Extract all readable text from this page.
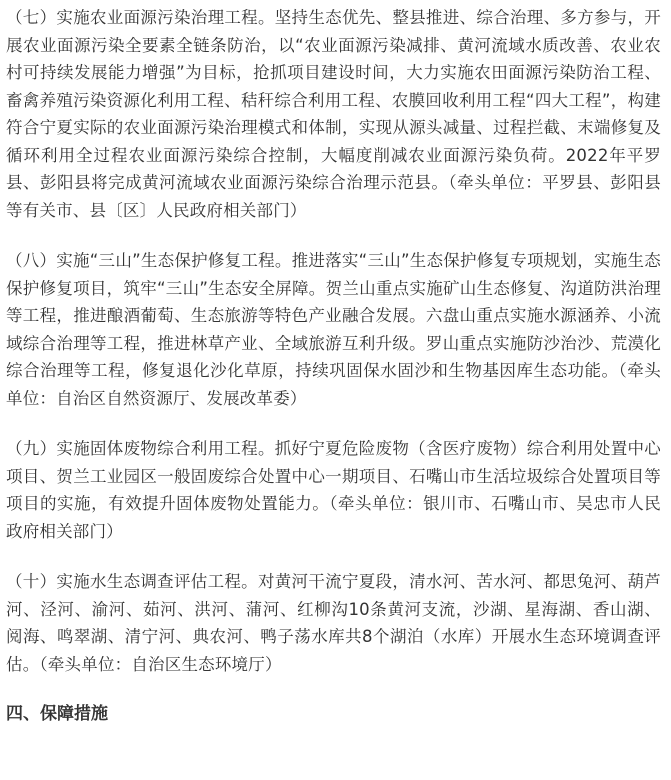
（七）实施农业面源污染治理工程。坚持生态优先、整县推进、综合治理、多方参与，开展农业面源污染全要素全链条防治，以“农业面源污染减排、黄河流域水质改善、农业农村可持续发展能力增强”为目标，抢抓项目建设时间，大力实施农田面源污染防治工程、畜禽养殖污染资源化利用工程、秸秆综合利用工程、农膜回收利用工程“四大工程”，构建符合宁夏实际的农业面源污染治理模式和体制，实现从源头减量、过程拦截、末端修复及循环利用全过程农业面源污染综合控制，大幅度削减农业面源污染负荷。2022年平罗县、彭阳县将完成黄河流域农业面源污染综合治理示范县。（牵头单位：平罗县、彭阳县等有关市、县〔区〕人民政府相关部门）

（八）实施“三山”生态保护修复工程。推进落实“三山”生态保护修复专项规划，实施生态保护修复项目，筑牢“三山”生态安全屏障。贺兰山重点实施矿山生态修复、沟道防洪治理等工程，推进酿酒葡萄、生态旅游等特色产业融合发展。六盘山重点实施水源涵养、小流域综合治理等工程，推进林草产业、全域旅游互利升级。罗山重点实施防沙治沙、荒漠化综合治理等工程，修复退化沙化草原，持续巩固保水固沙和生物基因库生态功能。（牵头单位：自治区自然资源厅、发展改革委）

（九）实施固体废物综合利用工程。抓好宁夏危险废物（含医疗废物）综合利用处置中心项目、贺兰工业园区一般固废综合处置中心一期项目、石嘴山市生活垃圾综合处置项目等项目的实施，有效提升固体废物处置能力。（牵头单位：银川市、石嘴山市、吴忠市人民政府相关部门）

（十）实施水生态调查评估工程。对黄河干流宁夏段，清水河、苦水河、都思兔河、葫芦河、泾河、渝河、茹河、洪河、蒲河、红柳沟10条黄河支流，沙湖、星海湖、香山湖、阅海、鸣翠湖、清宁河、典农河、鸭子荡水库共8个湖泊（水库）开展水生态环境调查评估。（牵头单位：自治区生态环境厅）

四、保障措施
